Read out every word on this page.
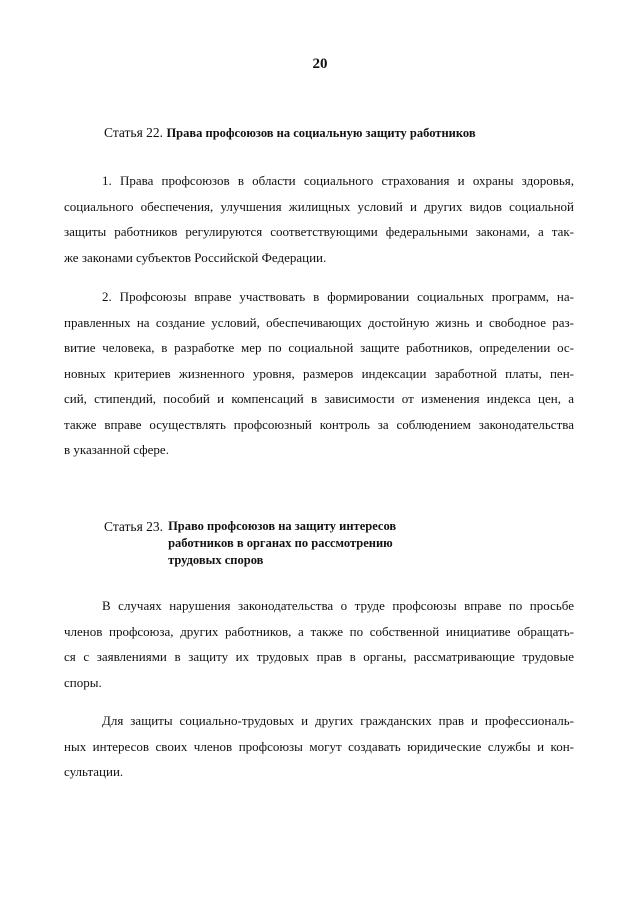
20
Статья 22. Права профсоюзов на социальную защиту работников
1. Права профсоюзов в области социального страхования и охраны здоровья,
социального обеспечения, улучшения жилищных условий и других видов социальной
защиты работников регулируются соответствующими федеральными законами, а так-
же законами субъектов Российской Федерации.
2. Профсоюзы вправе участвовать в формировании социальных программ, на-
правленных на создание условий, обеспечивающих достойную жизнь и свободное раз-
витие человека, в разработке мер по социальной защите работников, определении ос-
новных критериев жизненного уровня, размеров индексации заработной платы, пен-
сий, стипендий, пособий и компенсаций в зависимости от изменения индекса цен, а
также вправе осуществлять профсоюзный контроль за соблюдением законодательства
в указанной сфере.
Статья 23. Право профсоюзов на защиту интересов
работников в органах по рассмотрению
трудовых споров
В случаях нарушения законодательства о труде профсоюзы вправе по просьбе
членов профсоюза, других работников, а также по собственной инициативе обращать-
ся с заявлениями в защиту их трудовых прав в органы, рассматривающие трудовые
споры.
Для защиты социально-трудовых и других гражданских прав и профессиональ-
ных интересов своих членов профсоюзы могут создавать юридические службы и кон-
сультации.
